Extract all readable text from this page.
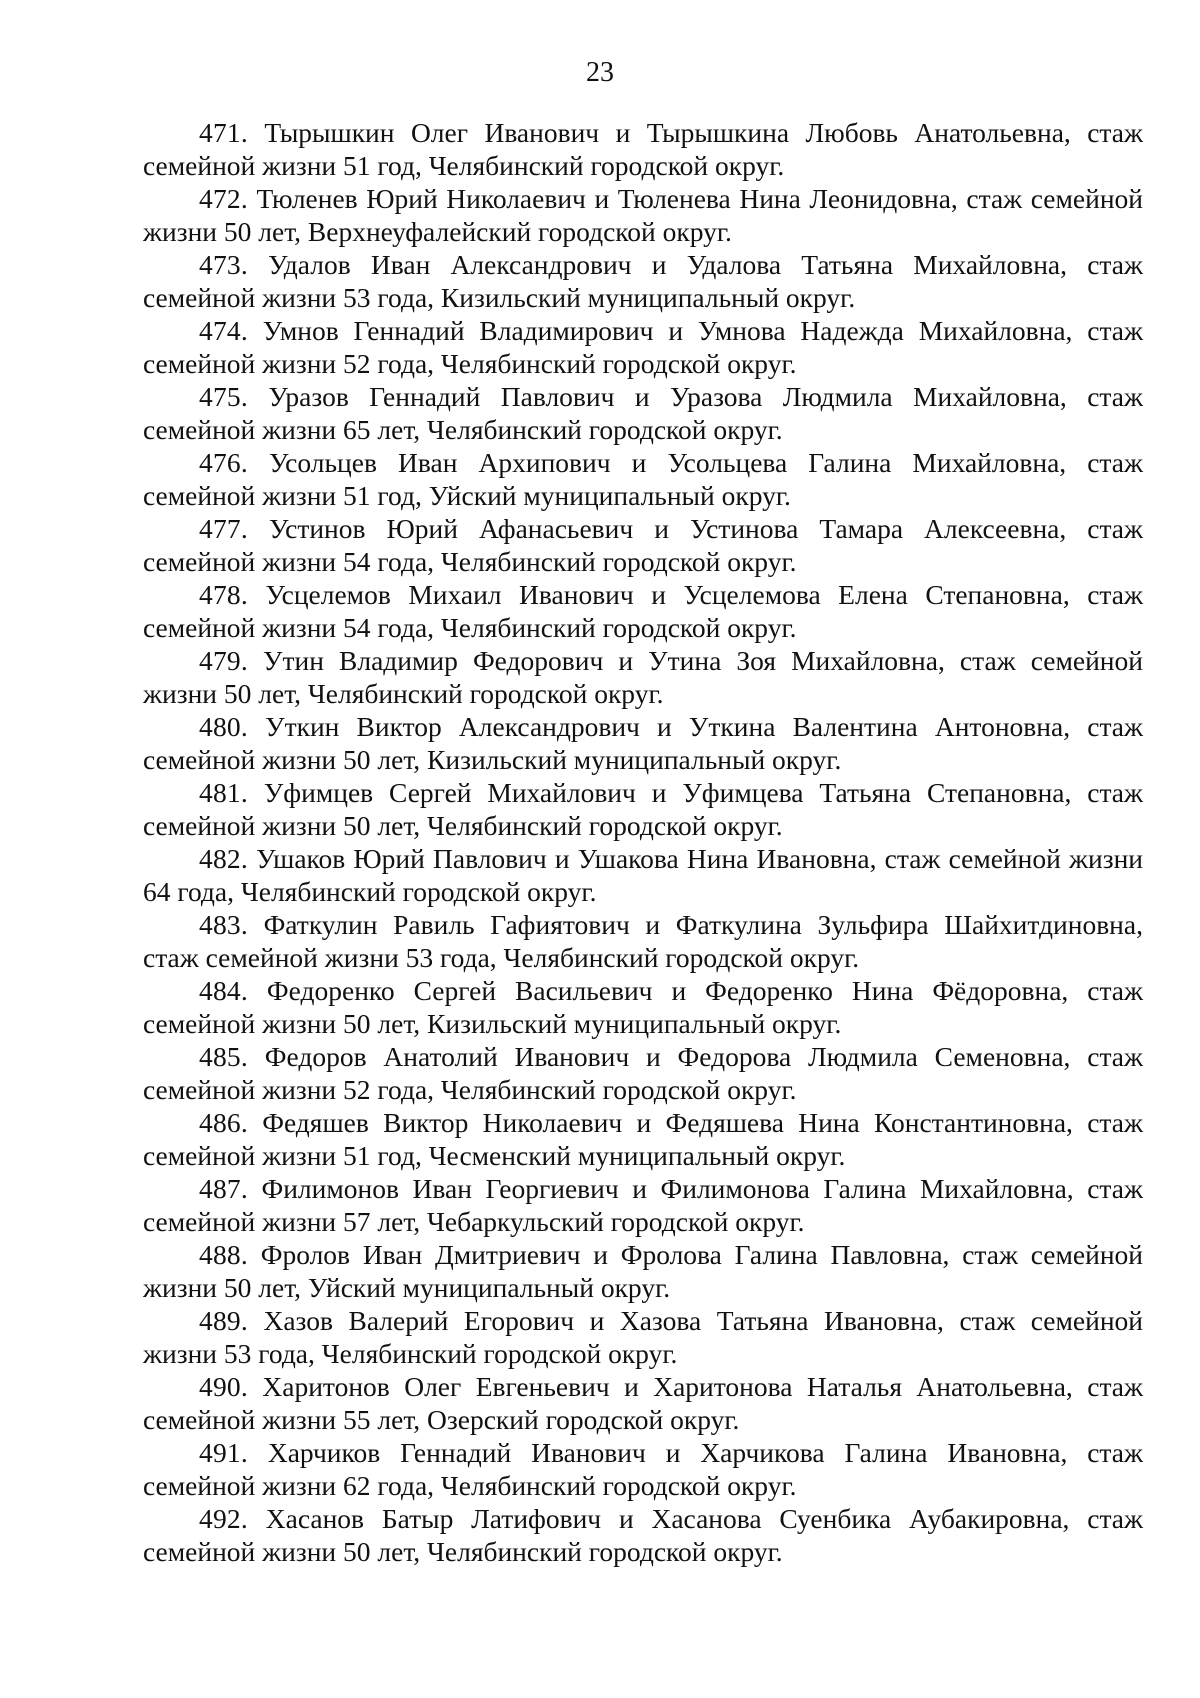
23

471. Тырышкин Олег Иванович и Тырышкина Любовь Анатольевна, стаж семейной жизни 51 год, Челябинский городской округ.

472. Тюленев Юрий Николаевич и Тюленева Нина Леонидовна, стаж семейной жизни 50 лет, Верхнеуфалейский городской округ.

473. Удалов Иван Александрович и Удалова Татьяна Михайловна, стаж семейной жизни 53 года, Кизильский муниципальный округ.

474. Умнов Геннадий Владимирович и Умнова Надежда Михайловна, стаж семейной жизни 52 года, Челябинский городской округ.

475. Уразов Геннадий Павлович и Уразова Людмила Михайловна, стаж семейной жизни 65 лет, Челябинский городской округ.

476. Усольцев Иван Архипович и Усольцева Галина Михайловна, стаж семейной жизни 51 год, Уйский муниципальный округ.

477. Устинов Юрий Афанасьевич и Устинова Тамара Алексеевна, стаж семейной жизни 54 года, Челябинский городской округ.

478. Усцелемов Михаил Иванович и Усцелемова Елена Степановна, стаж семейной жизни 54 года, Челябинский городской округ.

479. Утин Владимир Федорович и Утина Зоя Михайловна, стаж семейной жизни 50 лет, Челябинский городской округ.

480. Уткин Виктор Александрович и Уткина Валентина Антоновна, стаж семейной жизни 50 лет, Кизильский муниципальный округ.

481. Уфимцев Сергей Михайлович и Уфимцева Татьяна Степановна, стаж семейной жизни 50 лет, Челябинский городской округ.

482. Ушаков Юрий Павлович и Ушакова Нина Ивановна, стаж семейной жизни 64 года, Челябинский городской округ.

483. Фаткулин Равиль Гафиятович и Фаткулина Зульфира Шайхитдиновна, стаж семейной жизни 53 года, Челябинский городской округ.

484. Федоренко Сергей Васильевич и Федоренко Нина Фёдоровна, стаж семейной жизни 50 лет, Кизильский муниципальный округ.

485. Федоров Анатолий Иванович и Федорова Людмила Семеновна, стаж семейной жизни 52 года, Челябинский городской округ.

486. Федяшев Виктор Николаевич и Федяшева Нина Константиновна, стаж семейной жизни 51 год, Чесменский муниципальный округ.

487. Филимонов Иван Георгиевич и Филимонова Галина Михайловна, стаж семейной жизни 57 лет, Чебаркульский городской округ.

488. Фролов Иван Дмитриевич и Фролова Галина Павловна, стаж семейной жизни 50 лет, Уйский муниципальный округ.

489. Хазов Валерий Егорович и Хазова Татьяна Ивановна, стаж семейной жизни 53 года, Челябинский городской округ.

490. Харитонов Олег Евгеньевич и Харитонова Наталья Анатольевна, стаж семейной жизни 55 лет, Озерский городской округ.

491. Харчиков Геннадий Иванович и Харчикова Галина Ивановна, стаж семейной жизни 62 года, Челябинский городской округ.

492. Хасанов Батыр Латифович и Хасанова Суенбика Аубакировна, стаж семейной жизни 50 лет, Челябинский городской округ.
